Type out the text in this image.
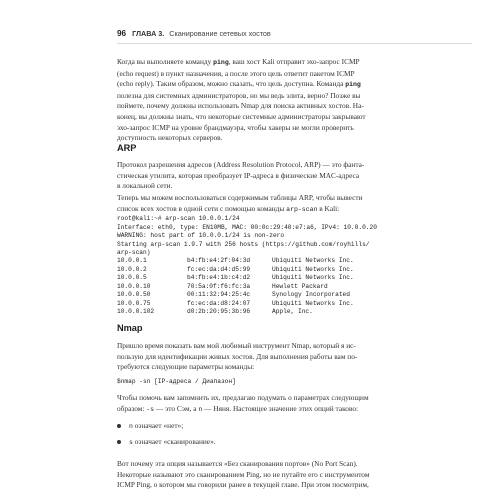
96 ГЛАВА 3. Сканирование сетевых хостов

Когда вы выполняете команду ping, ваш хост Kali отправит эхо-запрос ICMP
(echo request) в пункт назначения, а после этого цель ответит пакетом ICMP
(echo reply). Таким образом, можно сказать, что цель доступна. Команда ping
полезна для системных администраторов, но мы ведь элита, верно? Позже вы
поймете, почему должны использовать Nmap для поиска активных хостов. На-
конец, вы должны знать, что некоторые системные администраторы закрывают
эхо-запрос ICMP на уровне брандмауэра, чтобы хакеры не могли проверить
доступность некоторых серверов.

ARP

Протокол разрешения адресов (Address Resolution Protocol, ARP) — это фанта-
стическая утилита, которая преобразует IP-адреса в физические MAC-адреса
в локальной сети.

Теперь мы можем воспользоваться содержимым таблицы ARP, чтобы вывести
список всех хостов в одной сети с помощью команды arp-scan в Kali:

root@kali:~# arp-scan 10.0.0.1/24
Interface: eth0, type: EN10MB, MAC: 00:0c:29:40:e7:a6, IPv4: 10.0.0.20
WARNING: host part of 10.0.0.1/24 is non-zero
Starting arp-scan 1.9.7 with 256 hosts (https://github.com/royhills/
arp-scan)
10.0.0.1	b4:fb:e4:2f:04:3d	Ubiquiti Networks Inc.
10.0.0.2	fc:ec:da:d4:d5:99	Ubiquiti Networks Inc.
10.0.0.5	b4:fb:e4:1b:c4:d2	Ubiquiti Networks Inc.
10.0.0.10	70:5a:0f:f6:fc:3a	Hewlett Packard
10.0.0.50	00:11:32:94:25:4c	Synology Incorporated
10.0.0.75	fc:ec:da:d8:24:07	Ubiquiti Networks Inc.
10.0.0.102	d0:2b:20:95:3b:96	Apple, Inc.
Nmap

Пришло время показать вам мой любимый инструмент Nmap, который я ис-
пользую для идентификации живых хостов. Для выполнения работы вам по-
требуются следующие параметры команды:

$nmap -sn [IP-адреса / Диапазон]

Чтобы помочь вам запомнить их, предлагаю подумать о параметрах следующим
образом: -s — это Сэм, а n — Няня. Настоящее значение этих опций таково:

n означает «нет»;
s означает «сканирование».

Вот почему эта опция называется «Без сканирования портов» (No Port Scan).
Некоторые называют это сканированием Ping, но не путайте его с инструментом
ICMP Ping, о котором мы говорили ранее в текущей главе. При этом посмотрим,
